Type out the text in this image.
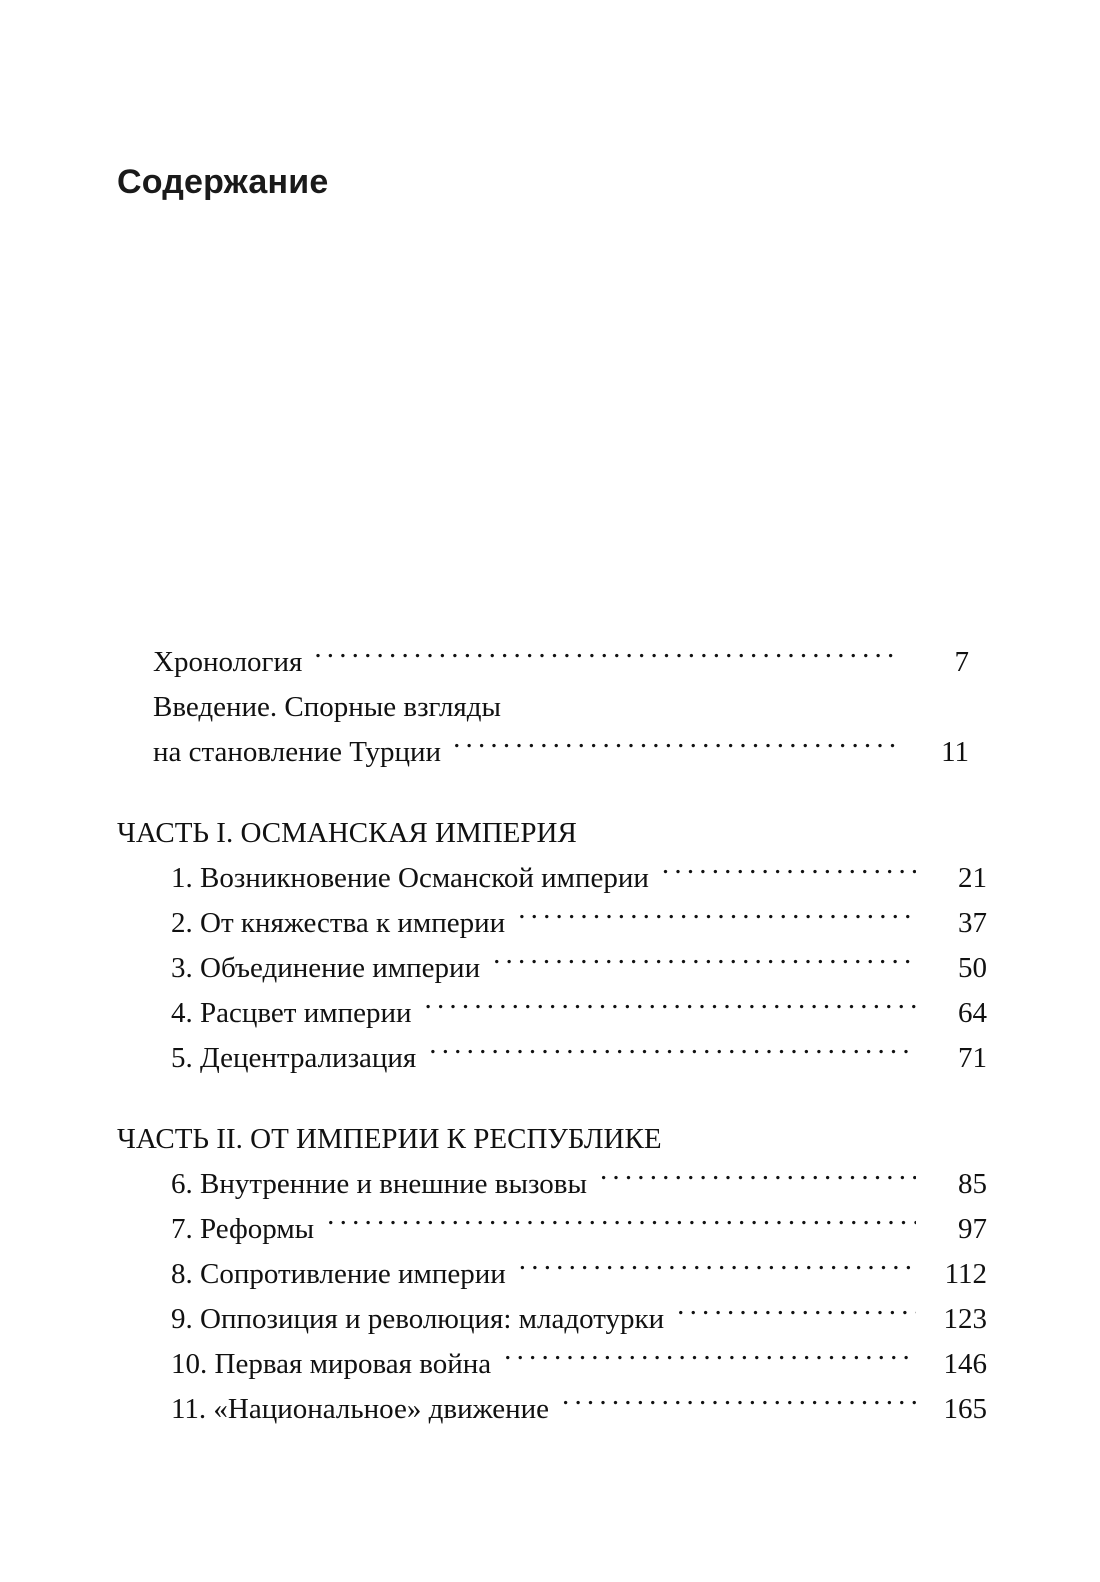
Содержание
Хронология .....	7
Введение. Спорные взгляды
на становление Турции .....	11
ЧАСТЬ I. ОСМАНСКАЯ ИМПЕРИЯ
1. Возникновение Османской империи .....	21
2. От княжества к империи .....	37
3. Объединение империи .....	50
4. Расцвет империи .....	64
5. Децентрализация .....	71
ЧАСТЬ II. ОТ ИМПЕРИИ К РЕСПУБЛИКЕ
6. Внутренние и внешние вызовы .....	85
7. Реформы .....	97
8. Сопротивление империи .....	112
9. Оппозиция и революция: младотурки .....	123
10. Первая мировая война .....	146
11. «Национальное» движение .....	165
